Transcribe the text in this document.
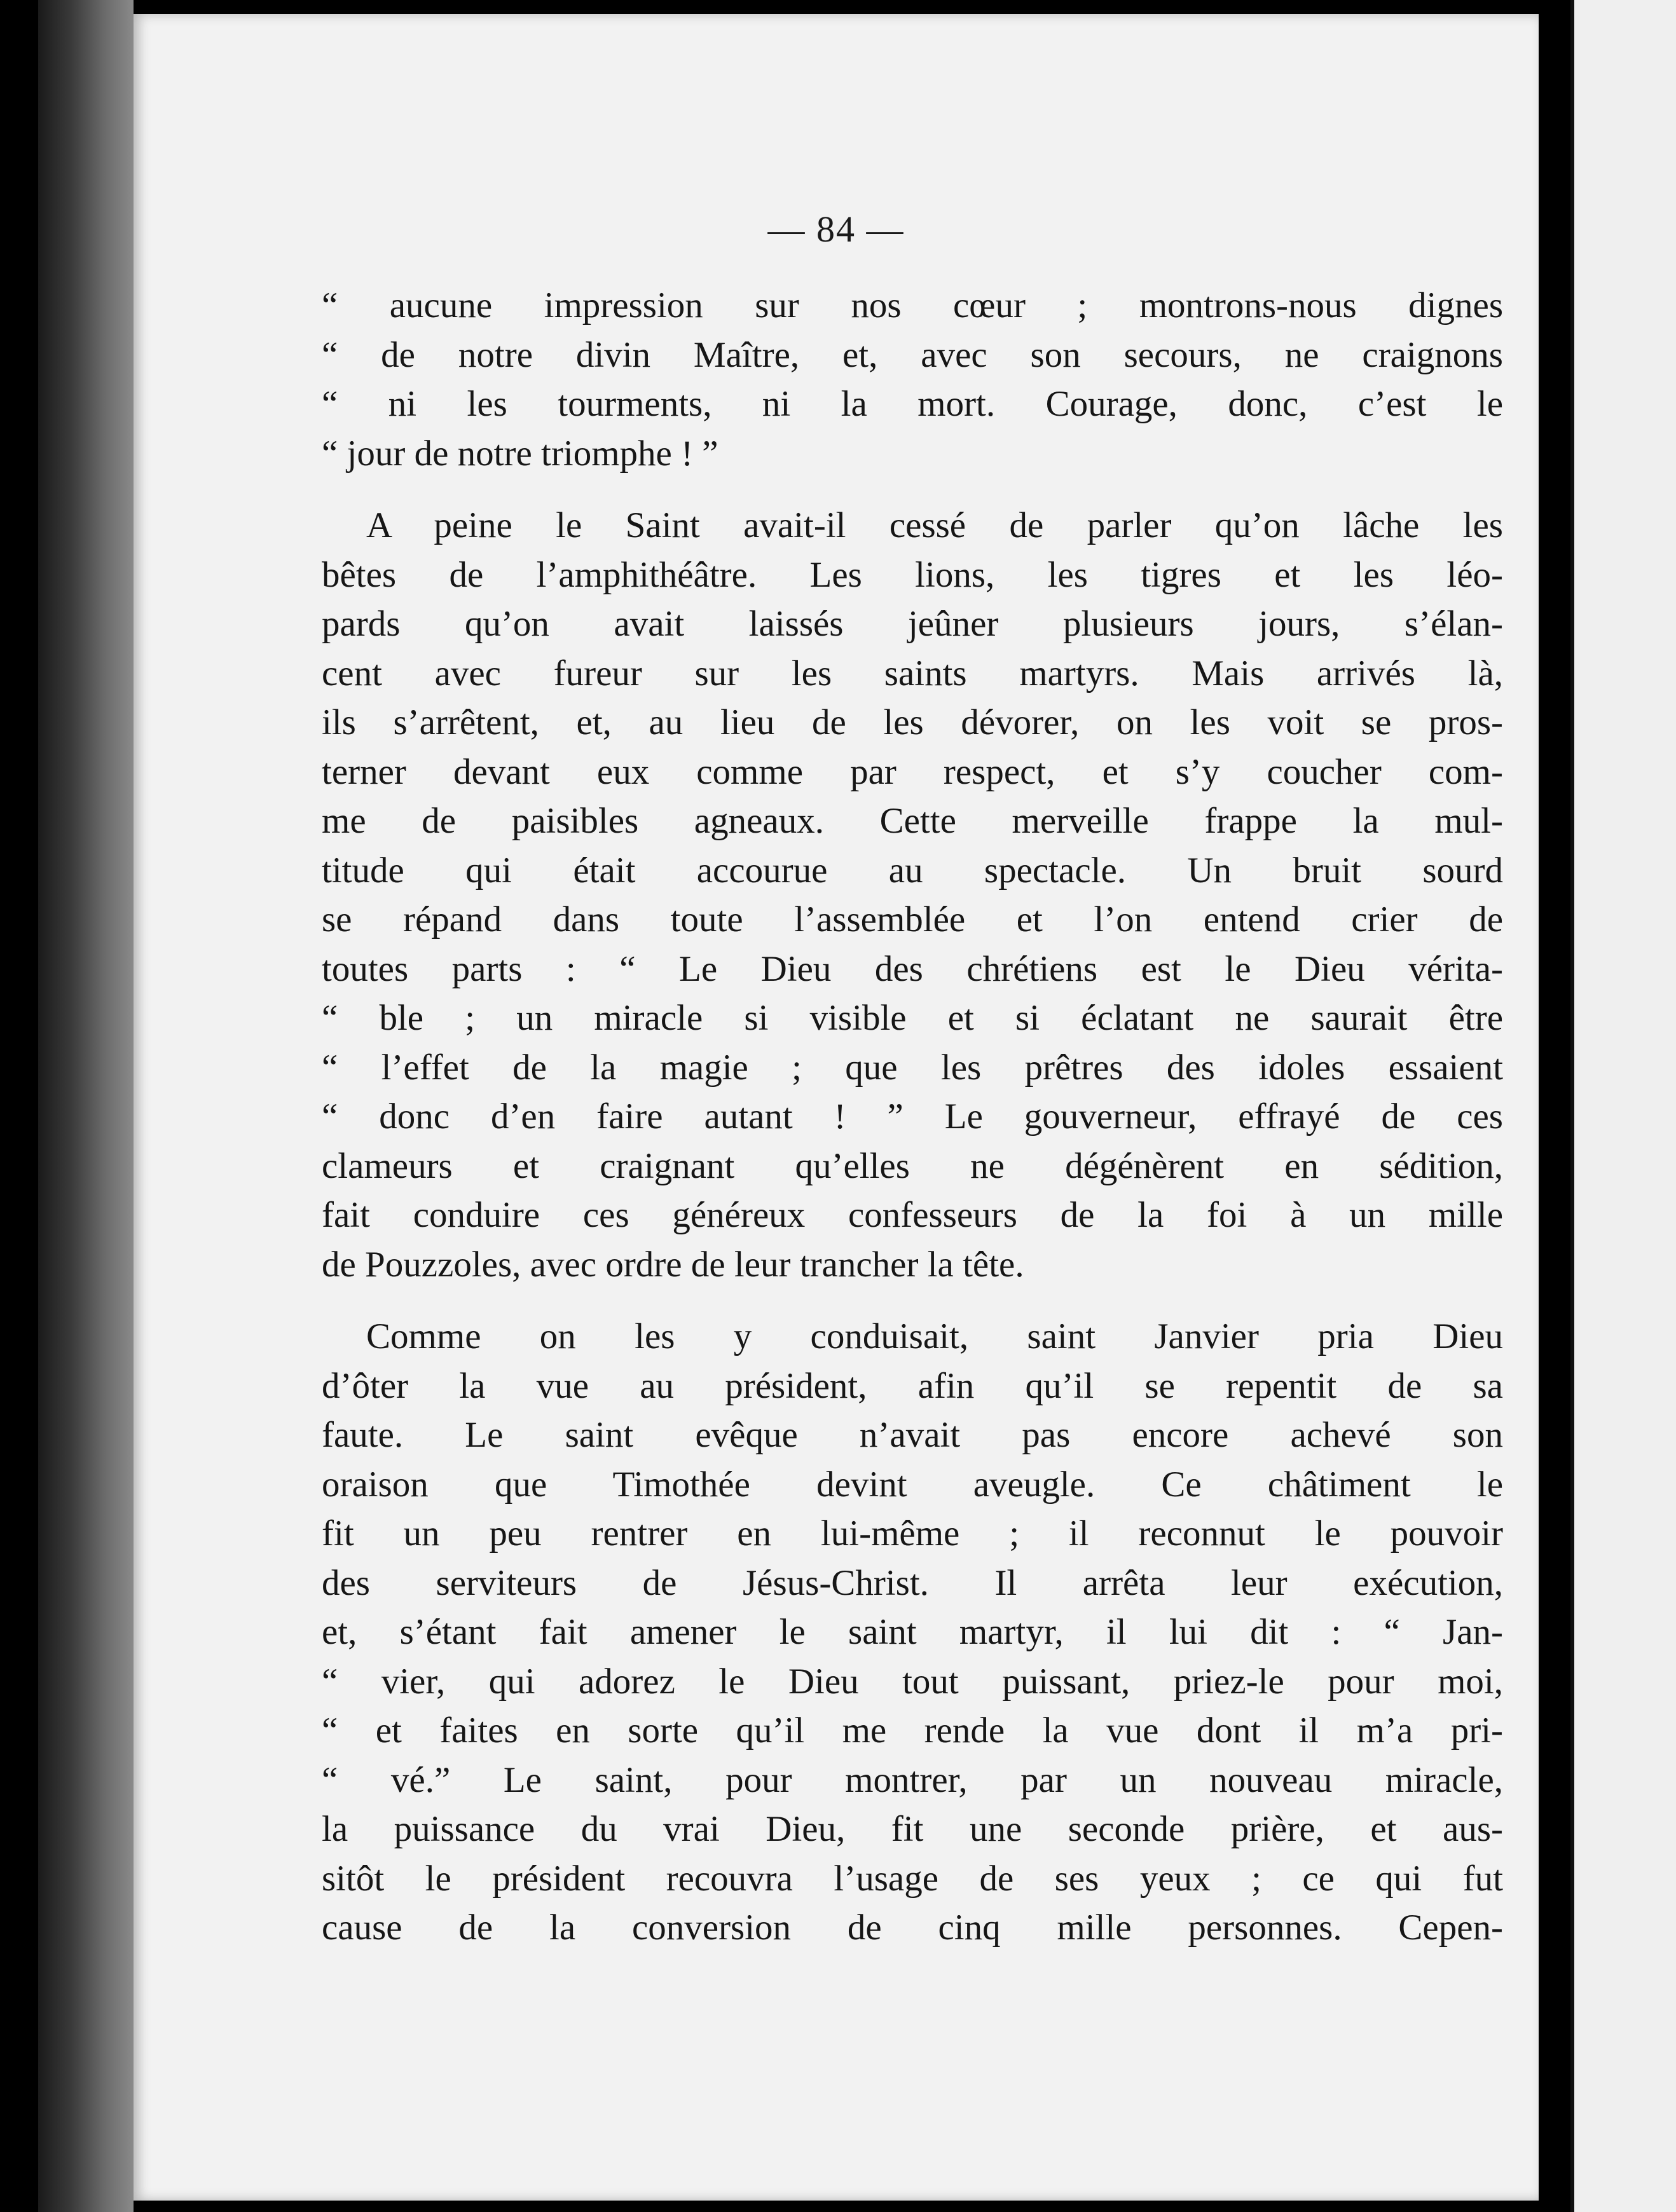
— 84 —

“ aucune impression sur nos cœur ; montrons-nous dignes

“ de notre divin Maître, et, avec son secours, ne craignons

“ ni les tourments, ni la mort. Courage, donc, c’est le

“ jour de notre triomphe ! ”

A peine le Saint avait-il cessé de parler qu’on lâche les

bêtes de l’amphithéâtre. Les lions, les tigres et les léo-

pards qu’on avait laissés jeûner plusieurs jours, s’élan-

cent avec fureur sur les saints martyrs. Mais arrivés là,

ils s’arrêtent, et, au lieu de les dévorer, on les voit se pros-

terner devant eux comme par respect, et s’y coucher com-

me de paisibles agneaux. Cette merveille frappe la mul-

titude qui était accourue au spectacle. Un bruit sourd

se répand dans toute l’assemblée et l’on entend crier de

toutes parts : “ Le Dieu des chrétiens est le Dieu vérita-

“ ble ; un miracle si visible et si éclatant ne saurait être

“ l’effet de la magie ; que les prêtres des idoles essaient

“ donc d’en faire autant ! ” Le gouverneur, effrayé de ces

clameurs et craignant qu’elles ne dégénèrent en sédition,

fait conduire ces généreux confesseurs de la foi à un mille

de Pouzzoles, avec ordre de leur trancher la tête.

Comme on les y conduisait, saint Janvier pria Dieu

d’ôter la vue au président, afin qu’il se repentit de sa

faute. Le saint evêque n’avait pas encore achevé son

oraison que Timothée devint aveugle. Ce châtiment le

fit un peu rentrer en lui-même ; il reconnut le pouvoir

des serviteurs de Jésus-Christ. Il arrêta leur exécution,

et, s’étant fait amener le saint martyr, il lui dit : “ Jan-

“ vier, qui adorez le Dieu tout puissant, priez-le pour moi,

“ et faites en sorte qu’il me rende la vue dont il m’a pri-

“ vé.” Le saint, pour montrer, par un nouveau miracle,

la puissance du vrai Dieu, fit une seconde prière, et aus-

sitôt le président recouvra l’usage de ses yeux ; ce qui fut

cause de la conversion de cinq mille personnes. Cepen-
